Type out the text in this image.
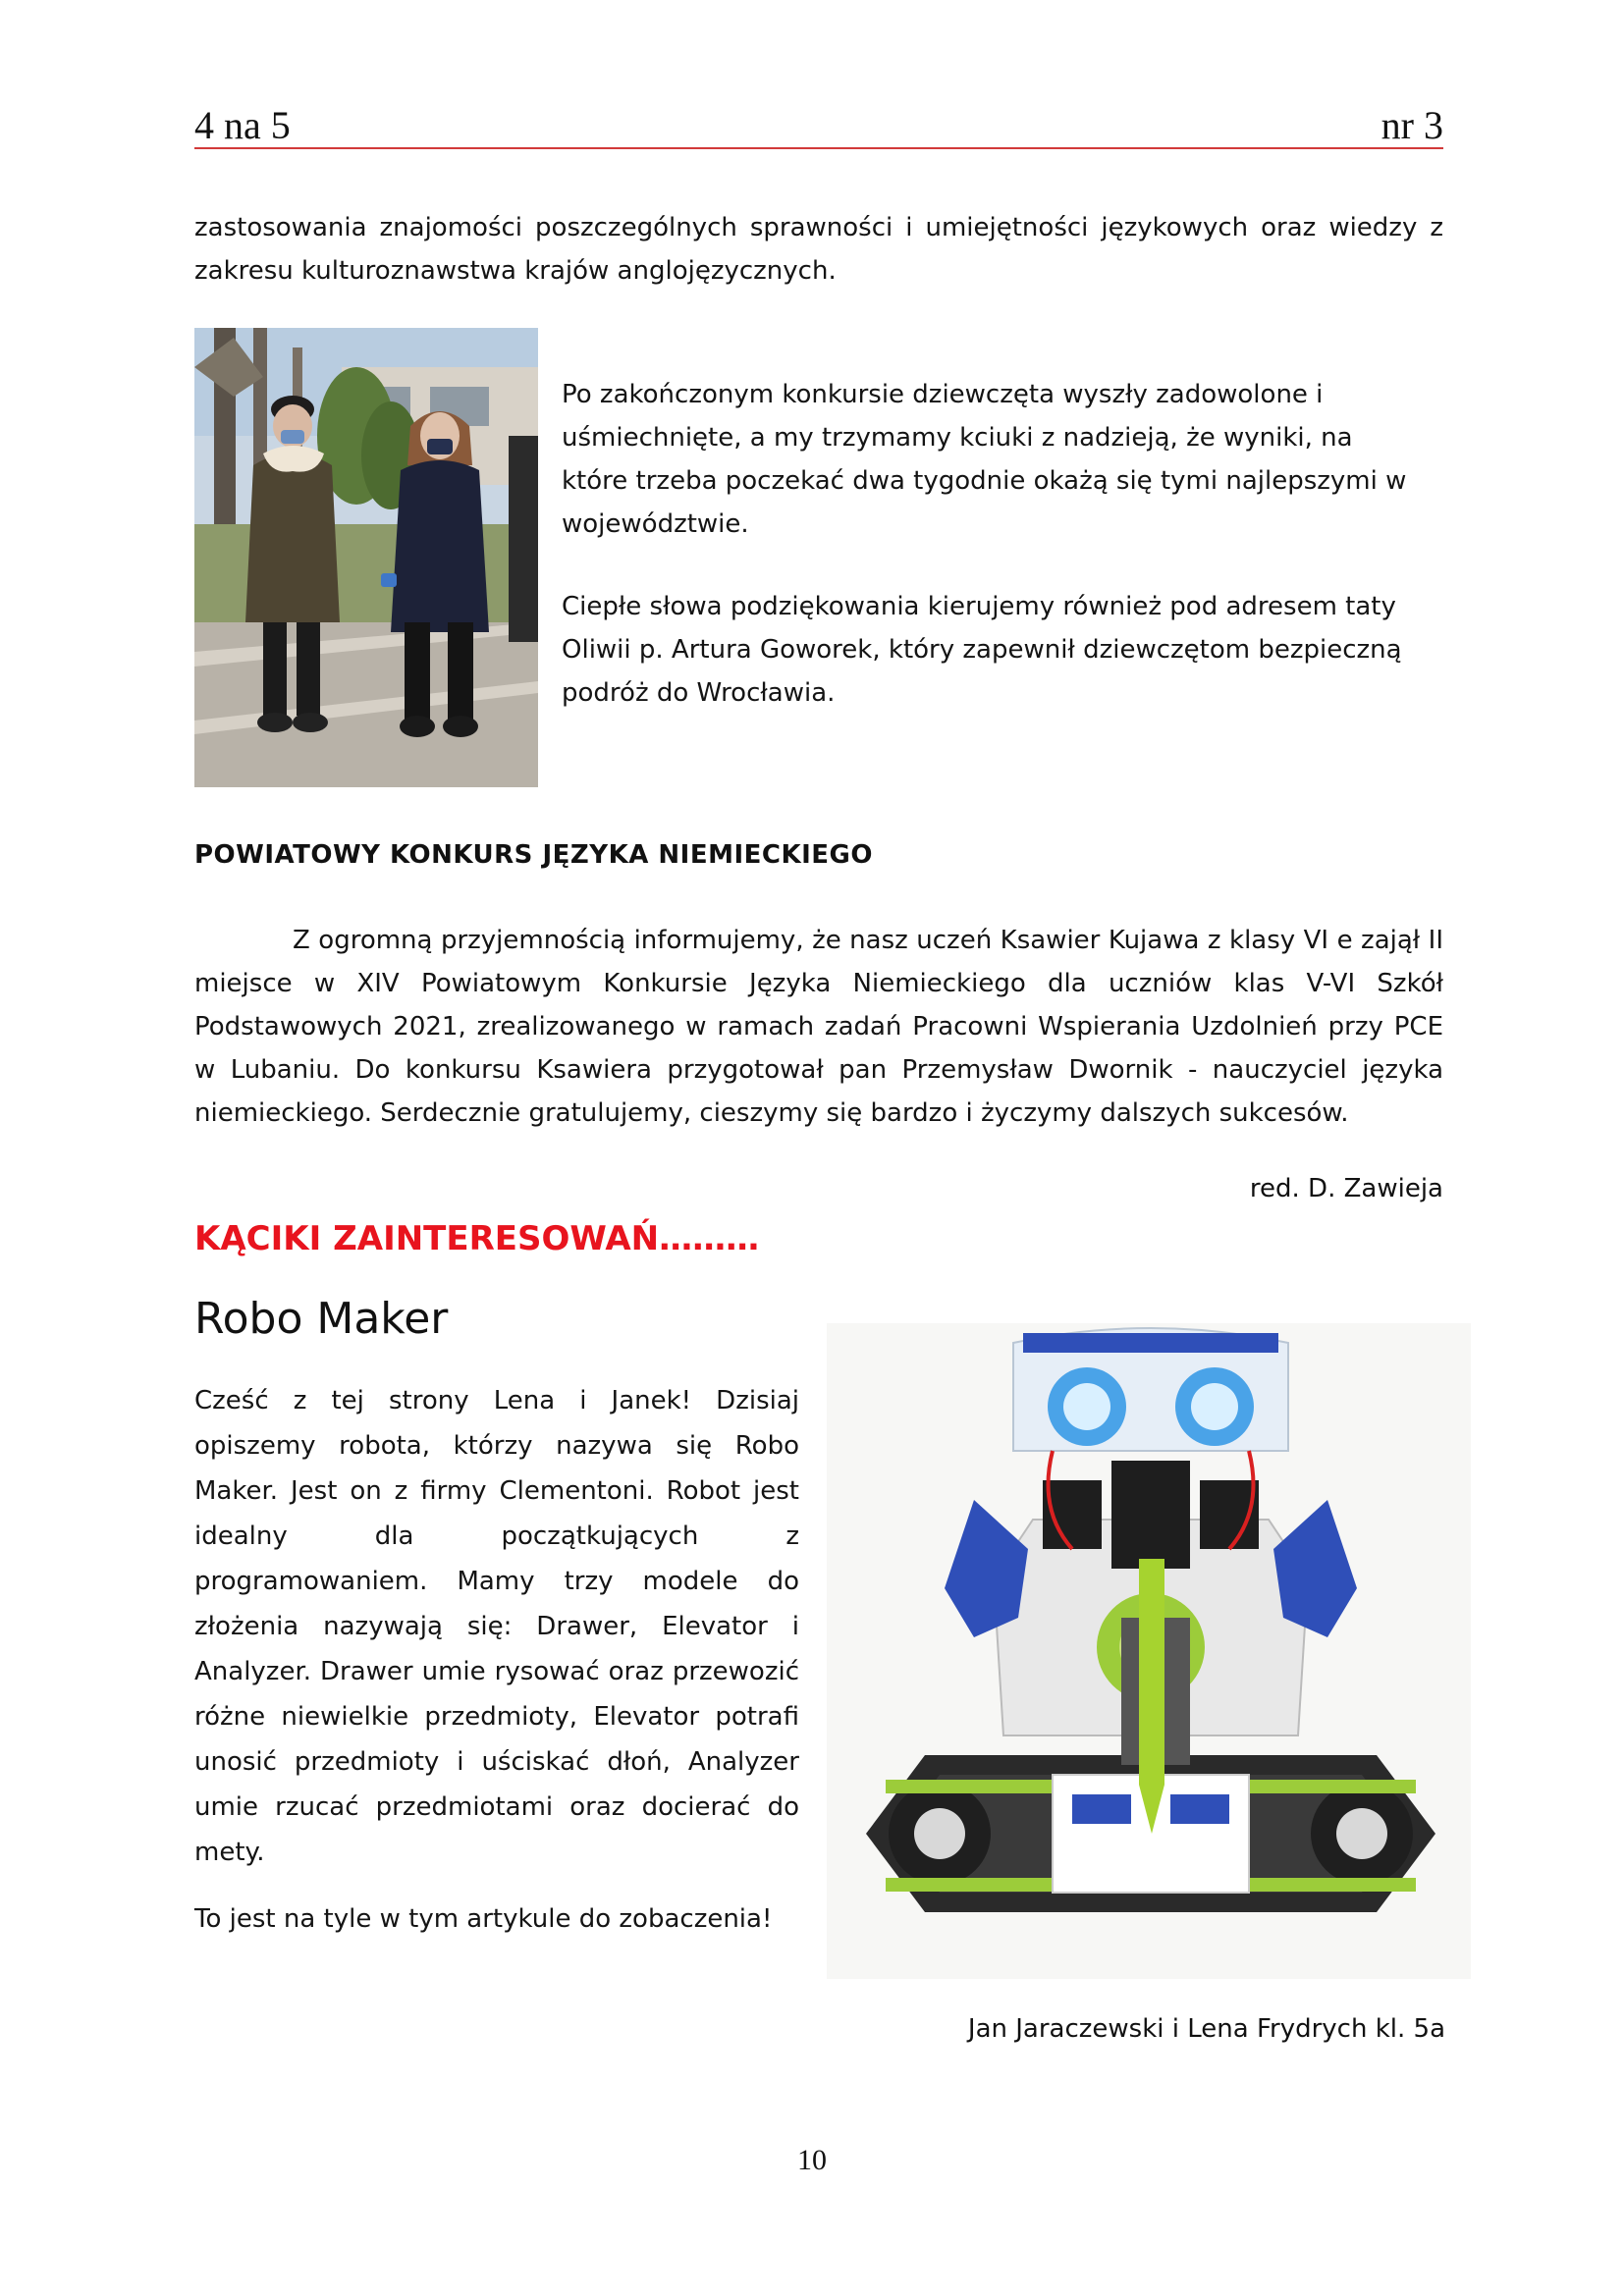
4 na 5	nr 3

zastosowania znajomości poszczególnych sprawności i umiejętności językowych oraz wiedzy z zakresu kulturoznawstwa krajów anglojęzycznych.

Po zakończonym konkursie dziewczęta wyszły zadowolone i uśmiechnięte, a my trzymamy kciuki z nadzieją, że wyniki, na które trzeba poczekać dwa tygodnie okażą się tymi najlepszymi w województwie.

Ciepłe słowa podziękowania kierujemy również pod adresem taty Oliwii p. Artura Goworek, który zapewnił dziewczętom bezpieczną podróż do Wrocławia.

POWIATOWY KONKURS JĘZYKA NIEMIECKIEGO

Z ogromną przyjemnością informujemy, że nasz uczeń Ksawier Kujawa z klasy VI e zajął II miejsce w XIV Powiatowym Konkursie Języka Niemieckiego dla uczniów klas V-VI Szkół Podstawowych 2021, zrealizowanego w ramach zadań Pracowni Wspierania Uzdolnień przy PCE w Lubaniu. Do konkursu Ksawiera przygotował pan Przemysław Dwornik - nauczyciel języka niemieckiego. Serdecznie gratulujemy, cieszymy się bardzo i życzymy dalszych sukcesów.

red. D. Zawieja
KĄCIKI ZAINTERESOWAŃ………
Robo Maker

Cześć z tej strony Lena i Janek! Dzisiaj opiszemy robota, którzy nazywa się Robo Maker. Jest on z firmy Clementoni. Robot jest idealny dla początkujących z programowaniem. Mamy trzy modele do złożenia nazywają się: Drawer, Elevator i Analyzer. Drawer umie rysować oraz przewozić różne niewielkie przedmioty, Elevator potrafi unosić przedmioty i uściskać dłoń, Analyzer umie rzucać przedmiotami oraz docierać do mety.

To jest na tyle w tym artykule do zobaczenia!

Jan Jaraczewski i Lena Frydrych kl. 5a
10
